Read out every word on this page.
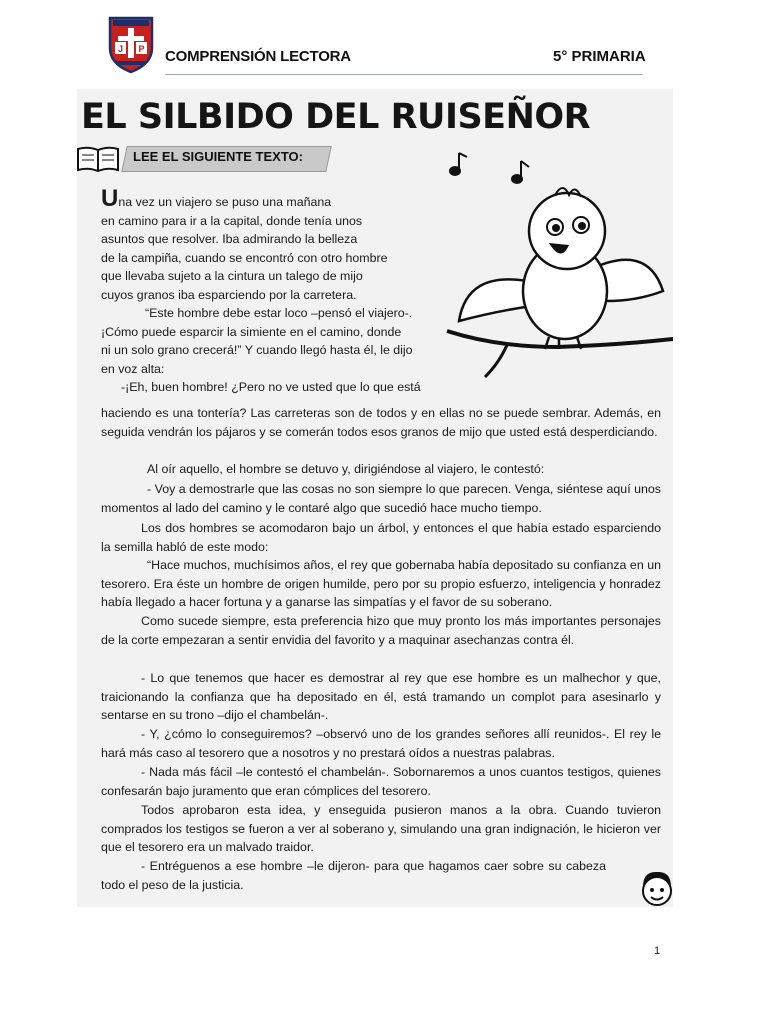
J P COMPRENSIÓN LECTORA	5° PRIMARIA
EL SILBIDO DEL RUISEÑOR
LEE EL SIGUIENTE TEXTO:
Una vez un viajero se puso una mañana
en camino para ir a la capital, donde tenía unos
asuntos que resolver. Iba admirando la belleza
de la campiña, cuando se encontró con otro hombre
que llevaba sujeto a la cintura un talego de mijo
cuyos granos iba esparciendo por la carretera.
“Este hombre debe estar loco –pensó el viajero-.
¡Cómo puede esparcir la simiente en el camino, donde
ni un solo grano crecerá!” Y cuando llegó hasta él, le dijo
en voz alta:
-¡Eh, buen hombre! ¿Pero no ve usted que lo que está

haciendo es una tontería? Las carreteras son de todos y en ellas no se puede sembrar. Además, en seguida vendrán los pájaros y se comerán todos esos granos de mijo que usted está desperdiciando.

Al oír aquello, el hombre se detuvo y, dirigiéndose al viajero, le contestó:

- Voy a demostrarle que las cosas no son siempre lo que parecen. Venga, siéntese aquí unos momentos al lado del camino y le contaré algo que sucedió hace mucho tiempo.

Los dos hombres se acomodaron bajo un árbol, y entonces el que había estado esparciendo la semilla habló de este modo:

“Hace muchos, muchísimos años, el rey que gobernaba había depositado su confianza en un tesorero. Era éste un hombre de origen humilde, pero por su propio esfuerzo, inteligencia y honradez había llegado a hacer fortuna y a ganarse las simpatías y el favor de su soberano.

Como sucede siempre, esta preferencia hizo que muy pronto los más importantes personajes de la corte empezaran a sentir envidia del favorito y a maquinar asechanzas contra él.

- Lo que tenemos que hacer es demostrar al rey que ese hombre es un malhechor y que, traicionando la confianza que ha depositado en él, está tramando un complot para asesinarlo y sentarse en su trono –dijo el chambelán-.

- Y, ¿cómo lo conseguiremos? –observó uno de los grandes señores allí reunidos-. El rey le hará más caso al tesorero que a nosotros y no prestará oídos a nuestras palabras.

- Nada más fácil –le contestó el chambelán-. Sobornaremos a unos cuantos testigos, quienes confesarán bajo juramento que eran cómplices del tesorero.

Todos aprobaron esta idea, y enseguida pusieron manos a la obra. Cuando tuvieron comprados los testigos se fueron a ver al soberano y, simulando una gran indignación, le hicieron ver que el tesorero era un malvado traidor.

- Entréguenos a ese hombre –le dijeron- para que hagamos caer sobre su cabeza todo el peso de la justicia.

1
